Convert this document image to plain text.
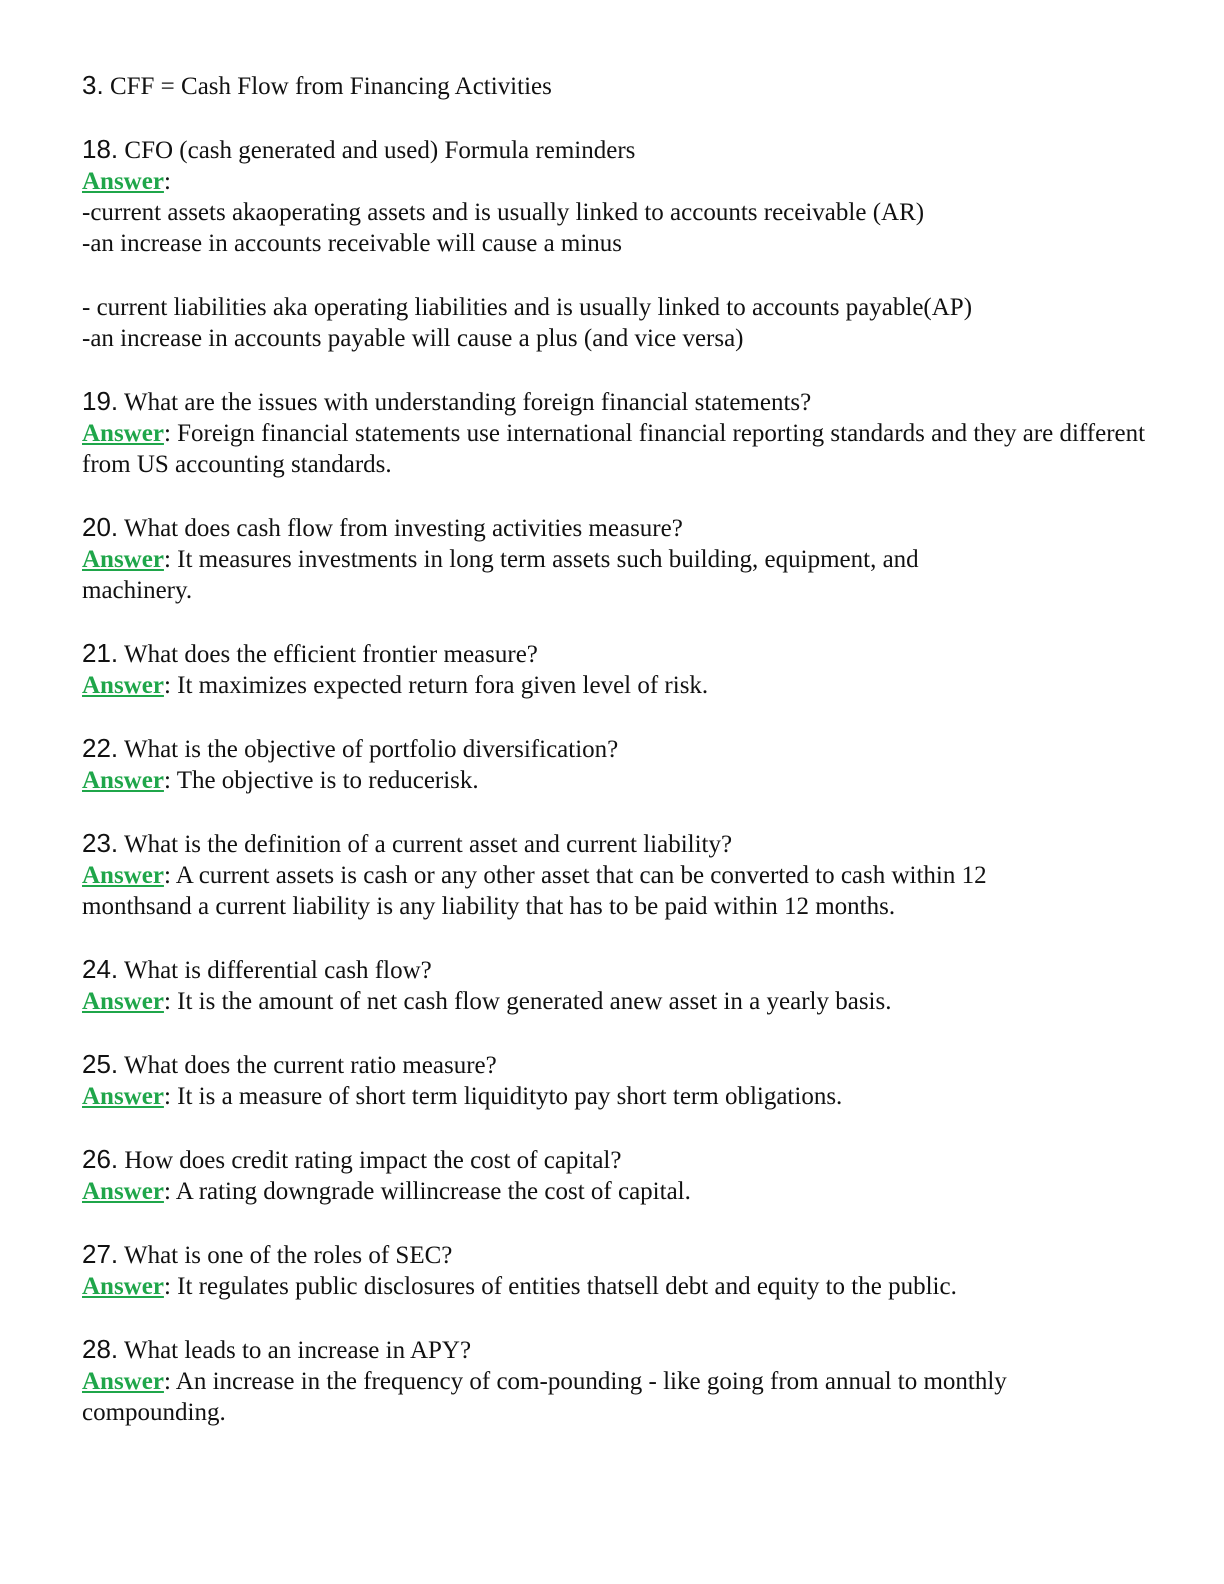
3. CFF = Cash Flow from Financing Activities

18. CFO (cash generated and used) Formula reminders

Answer:

-current assets akaoperating assets and is usually linked to accounts receivable (AR)

-an increase in accounts receivable will cause a minus

- current liabilities aka operating liabilities and is usually linked to accounts payable(AP)

-an increase in accounts payable will cause a plus (and vice versa)

19. What are the issues with understanding foreign financial statements?

Answer: Foreign financial statements use international financial reporting standards and they are different from US accounting standards.

20. What does cash flow from investing activities measure?

Answer: It measures investments in long term assets such building, equipment, and machinery.

21. What does the efficient frontier measure?

Answer: It maximizes expected return fora given level of risk.

22. What is the objective of portfolio diversification?

Answer: The objective is to reducerisk.

23. What is the definition of a current asset and current liability?

Answer: A current assets is cash or any other asset that can be converted to cash within 12 monthsand a current liability is any liability that has to be paid within 12 months.

24. What is differential cash flow?

Answer: It is the amount of net cash flow generated anew asset in a yearly basis.

25. What does the current ratio measure?

Answer: It is a measure of short term liquidityto pay short term obligations.

26. How does credit rating impact the cost of capital?

Answer: A rating downgrade willincrease the cost of capital.

27. What is one of the roles of SEC?

Answer: It regulates public disclosures of entities thatsell debt and equity to the public.

28. What leads to an increase in APY?

Answer: An increase in the frequency of com-pounding - like going from annual to monthly compounding.
